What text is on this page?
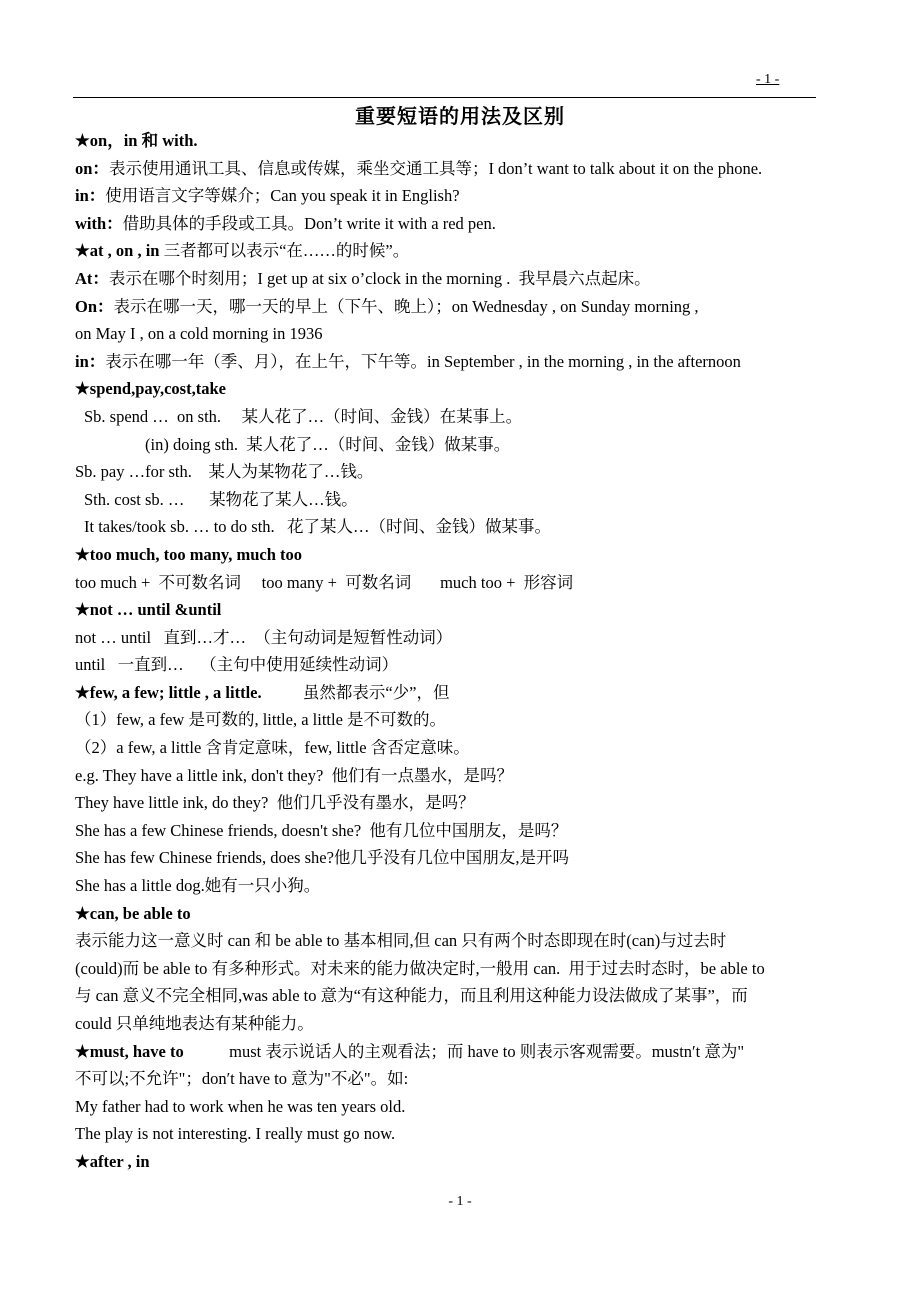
- 1 -
重要短语的用法及区别
★on，in 和 with.
on：表示使用通讯工具、信息或传媒，乘坐交通工具等；I don’t want to talk about it on the phone.
in：使用语言文字等媒介；Can you speak it in English?
with：借助具体的手段或工具。Don’t write it with a red pen.
★at , on , in 三者都可以表示“在……的时候”。
At：表示在哪个时刻用；I get up at six o’clock in the morning .  我早晨六点起床。
On：表示在哪一天，哪一天的早上（下午、晚上）；on Wednesday , on Sunday morning ,
on May I , on a cold morning in 1936
in：表示在哪一年（季、月），在上午，下午等。in September , in the morning , in the afternoon
★spend,pay,cost,take
Sb. spend …  on sth.     某人花了…（时间、金钱）在某事上。
(in) doing sth.  某人花了…（时间、金钱）做某事。
Sb. pay …for sth.    某人为某物花了…钱。
Sth. cost sb. …      某物花了某人…钱。
It takes/took sb. … to do sth.   花了某人…（时间、金钱）做某事。
★too much, too many, much too
too much +  不可数名词     too many +  可数名词       much too +  形容词
★not … until &until
not … until   直到…才…  （主句动词是短暂性动词）
until   一直到…    （主句中使用延续性动词）
★few, a few; little , a little.          虽然都表示“少”，但
（1）few, a few 是可数的, little, a little 是不可数的。
（2）a few, a little 含肯定意味，few, little 含否定意味。
e.g. They have a little ink, don't they?  他们有一点墨水，是吗？
They have little ink, do they?  他们几乎没有墨水，是吗？
She has a few Chinese friends, doesn't she?  他有几位中国朋友，是吗？
She has few Chinese friends, does she?他几乎没有几位中国朋友,是开吗
She has a little dog.她有一只小狗。
★can, be able to
表示能力这一意义时 can 和 be able to 基本相同,但 can 只有两个时态即现在时(can)与过去时
(could)而 be able to 有多种形式。对未来的能力做决定时,一般用 can.  用于过去时态时，be able to
与 can 意义不完全相同,was able to 意为“有这种能力，而且利用这种能力设法做成了某事”，而
could 只单纯地表达有某种能力。
★must, have to           must 表示说话人的主观看法；而 have to 则表示客观需要。mustn′t 意为"
不可以;不允许"；don′t have to 意为"不必"。如:
My father had to work when he was ten years old.
The play is not interesting. I really must go now.
★after , in
- 1 -
